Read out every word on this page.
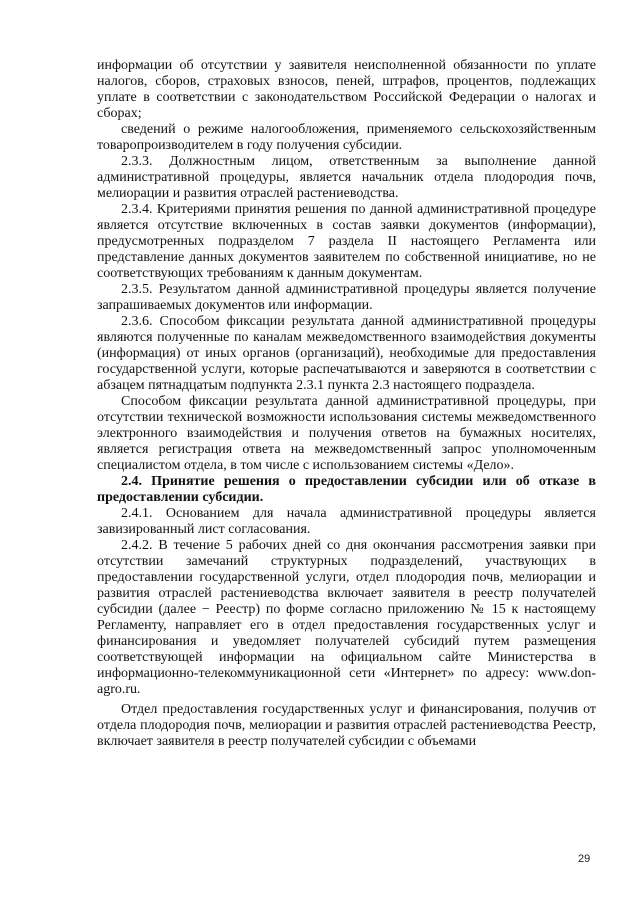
информации об отсутствии у заявителя неисполненной обязанности по уплате налогов, сборов, страховых взносов, пеней, штрафов, процентов, подлежащих уплате в соответствии с законодательством Российской Федерации о налогах и сборах;

сведений о режиме налогообложения, применяемого сельскохозяйственным товаропроизводителем в году получения субсидии.

2.3.3. Должностным лицом, ответственным за выполнение данной административной процедуры, является начальник отдела плодородия почв, мелиорации и развития отраслей растениеводства.

2.3.4. Критериями принятия решения по данной административной процедуре является отсутствие включенных в состав заявки документов (информации), предусмотренных подразделом 7 раздела II настоящего Регламента или представление данных документов заявителем по собственной инициативе, но не соответствующих требованиям к данным документам.

2.3.5. Результатом данной административной процедуры является получение запрашиваемых документов или информации.

2.3.6. Способом фиксации результата данной административной процедуры являются полученные по каналам межведомственного взаимодействия документы (информация) от иных органов (организаций), необходимые для предоставления государственной услуги, которые распечатываются и заверяются в соответствии с абзацем пятнадцатым подпункта 2.3.1 пункта 2.3 настоящего подраздела.

Способом фиксации результата данной административной процедуры, при отсутствии технической возможности использования системы межведомственного электронного взаимодействия и получения ответов на бумажных носителях, является регистрация ответа на межведомственный запрос уполномоченным специалистом отдела, в том числе с использованием системы «Дело».

2.4. Принятие решения о предоставлении субсидии или об отказе в предоставлении субсидии.

2.4.1. Основанием для начала административной процедуры является завизированный лист согласования.

2.4.2. В течение 5 рабочих дней со дня окончания рассмотрения заявки при отсутствии замечаний структурных подразделений, участвующих в предоставлении государственной услуги, отдел плодородия почв, мелиорации и развития отраслей растениеводства включает заявителя в реестр получателей субсидии (далее − Реестр) по форме согласно приложению № 15 к настоящему Регламенту, направляет его в отдел предоставления государственных услуг и финансирования и уведомляет получателей субсидий путем размещения соответствующей информации на официальном сайте Министерства в информационно-телекоммуникационной сети «Интернет» по адресу: www.don-agro.ru.

Отдел предоставления государственных услуг и финансирования, получив от отдела плодородия почв, мелиорации и развития отраслей растениеводства Реестр, включает заявителя в реестр получателей субсидии с объемами

29
